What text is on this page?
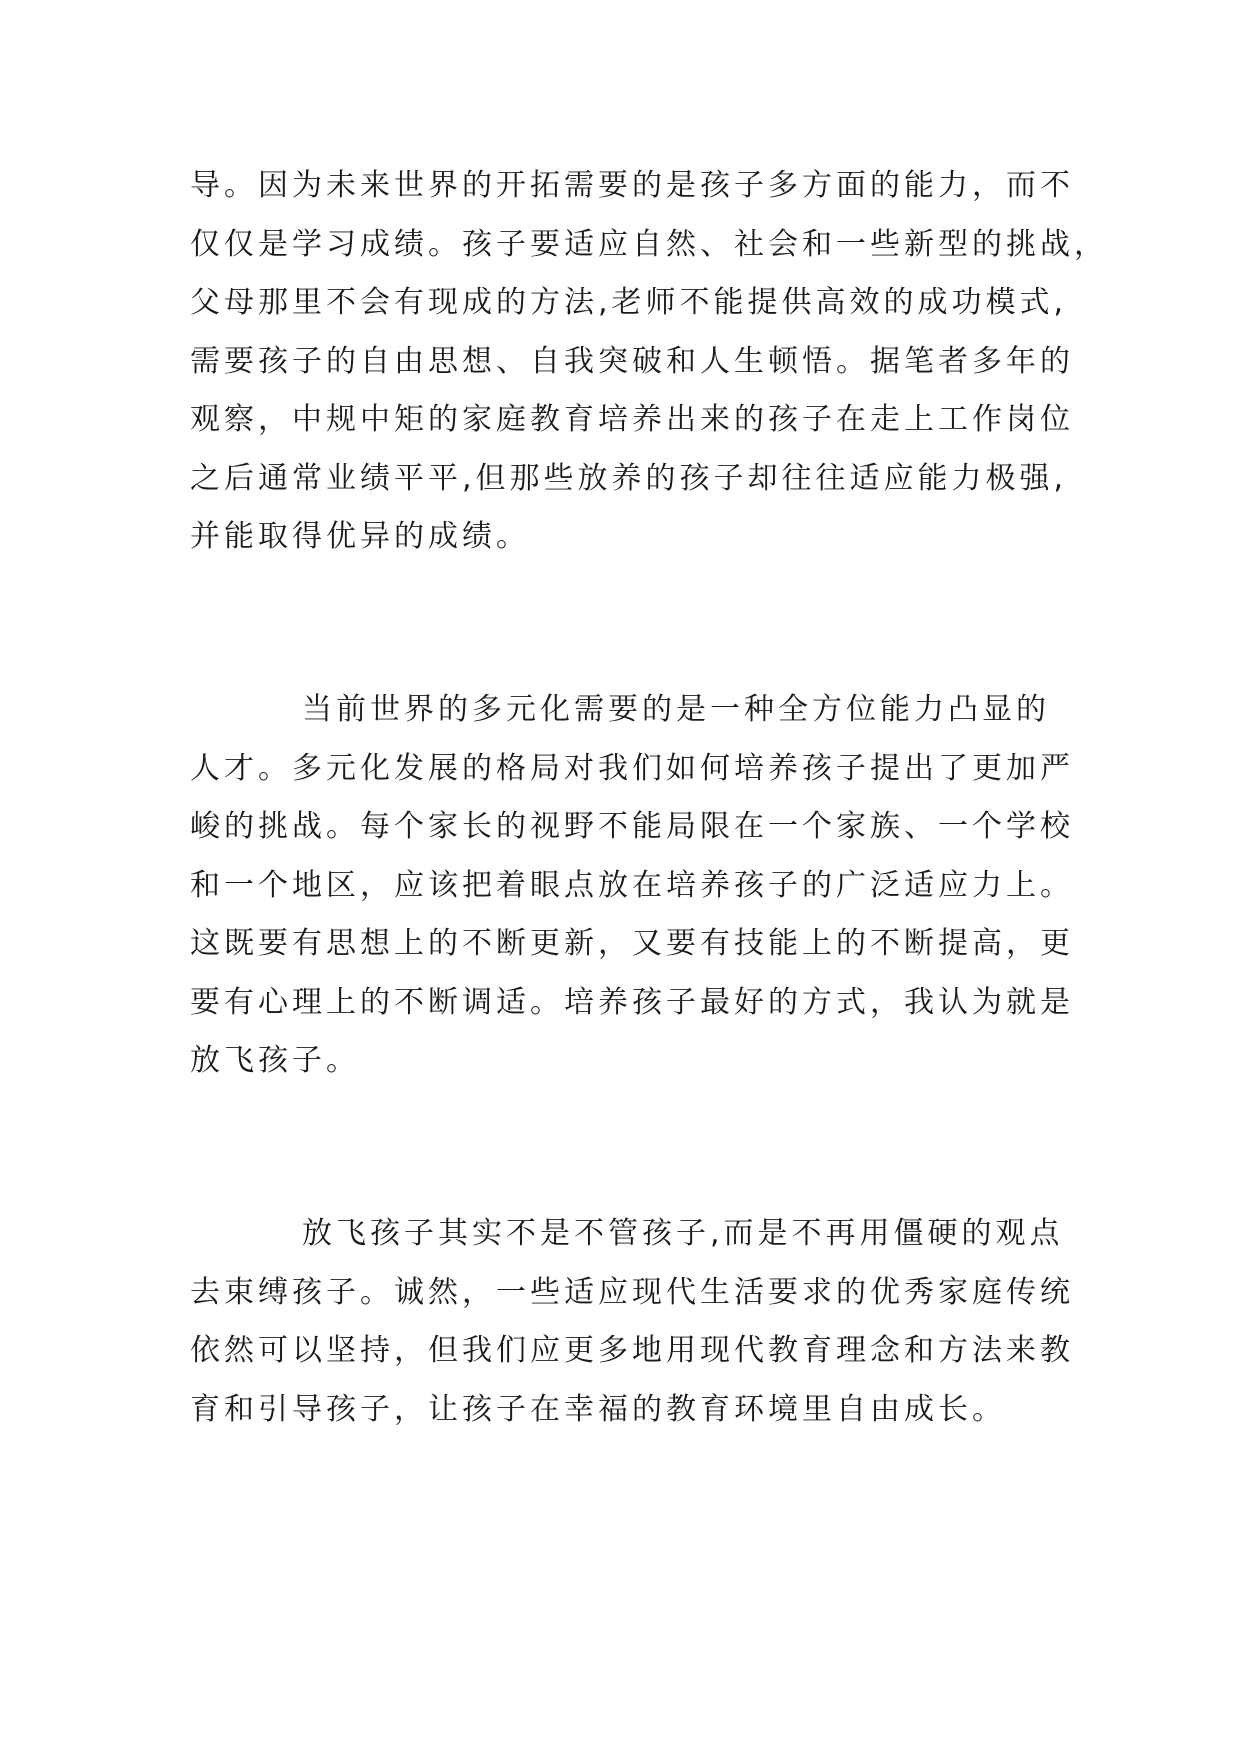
导。因为未来世界的开拓需要的是孩子多方面的能力，而不
仅仅是学习成绩。孩子要适应自然、社会和一些新型的挑战，
父母那里不会有现成的方法,老师不能提供高效的成功模式,
需要孩子的自由思想、自我突破和人生顿悟。据笔者多年的
观察，中规中矩的家庭教育培养出来的孩子在走上工作岗位
之后通常业绩平平,但那些放养的孩子却往往适应能力极强,
并能取得优异的成绩。
当前世界的多元化需要的是一种全方位能力凸显的
人才。多元化发展的格局对我们如何培养孩子提出了更加严
峻的挑战。每个家长的视野不能局限在一个家族、一个学校
和一个地区，应该把着眼点放在培养孩子的广泛适应力上。
这既要有思想上的不断更新，又要有技能上的不断提高，更
要有心理上的不断调适。培养孩子最好的方式，我认为就是
放飞孩子。
放飞孩子其实不是不管孩子,而是不再用僵硬的观点
去束缚孩子。诚然，一些适应现代生活要求的优秀家庭传统
依然可以坚持，但我们应更多地用现代教育理念和方法来教
育和引导孩子，让孩子在幸福的教育环境里自由成长。
